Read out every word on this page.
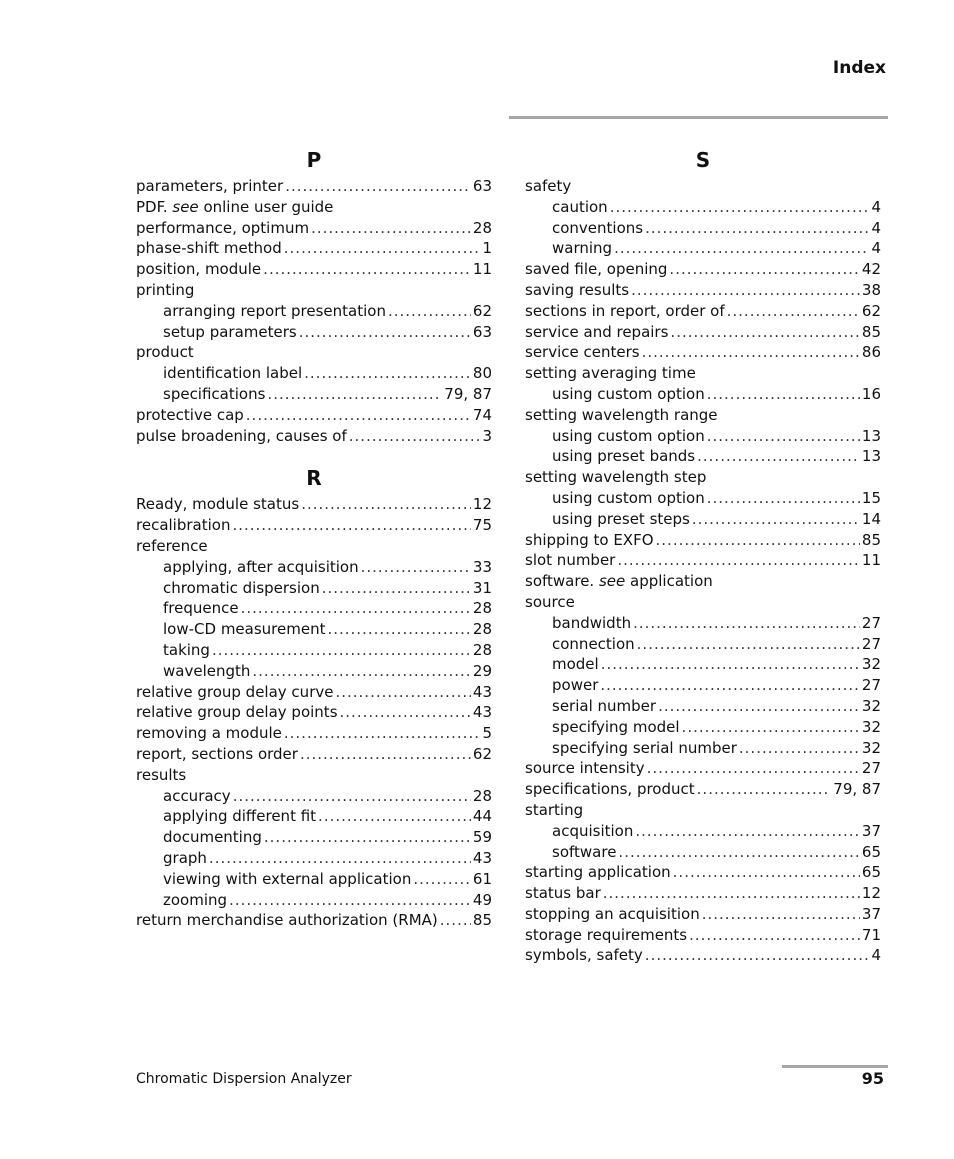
Index
P
parameters, printer .....	63
PDF. see online user guide
performance, optimum .....	28
phase-shift method .....	1
position, module .....	11
printing
arranging report presentation .....	62
setup parameters .....	63
product
identification label .....	80
specifications .....	79, 87
protective cap .....	74
pulse broadening, causes of .....	3
R
Ready, module status .....	12
recalibration .....	75
reference
applying, after acquisition .....	33
chromatic dispersion .....	31
frequence .....	28
low-CD measurement .....	28
taking .....	28
wavelength .....	29
relative group delay curve .....	43
relative group delay points .....	43
removing a module .....	5
report, sections order .....	62
results
accuracy .....	28
applying different fit .....	44
documenting .....	59
graph .....	43
viewing with external application .....	61
zooming .....	49
return merchandise authorization (RMA) ..... 85
S
safety
caution .....	4
conventions .....	4
warning .....	4
saved file, opening .....	42
saving results .....	38
sections in report, order of .....	62
service and repairs .....	85
service centers .....	86
setting averaging time
using custom option .....	16
setting wavelength range
using custom option .....	13
using preset bands .....	13
setting wavelength step
using custom option .....	15
using preset steps .....	14
shipping to EXFO .....	85
slot number .....	11
software. see application
source
bandwidth .....	27
connection .....	27
model .....	32
power .....	27
serial number .....	32
specifying model .....	32
specifying serial number .....	32
source intensity .....	27
specifications, product .....	79, 87
starting
acquisition .....	37
software .....	65
starting application .....	65
status bar .....	12
stopping an acquisition .....	37
storage requirements .....	71
symbols, safety .....	4
Chromatic Dispersion Analyzer	95
